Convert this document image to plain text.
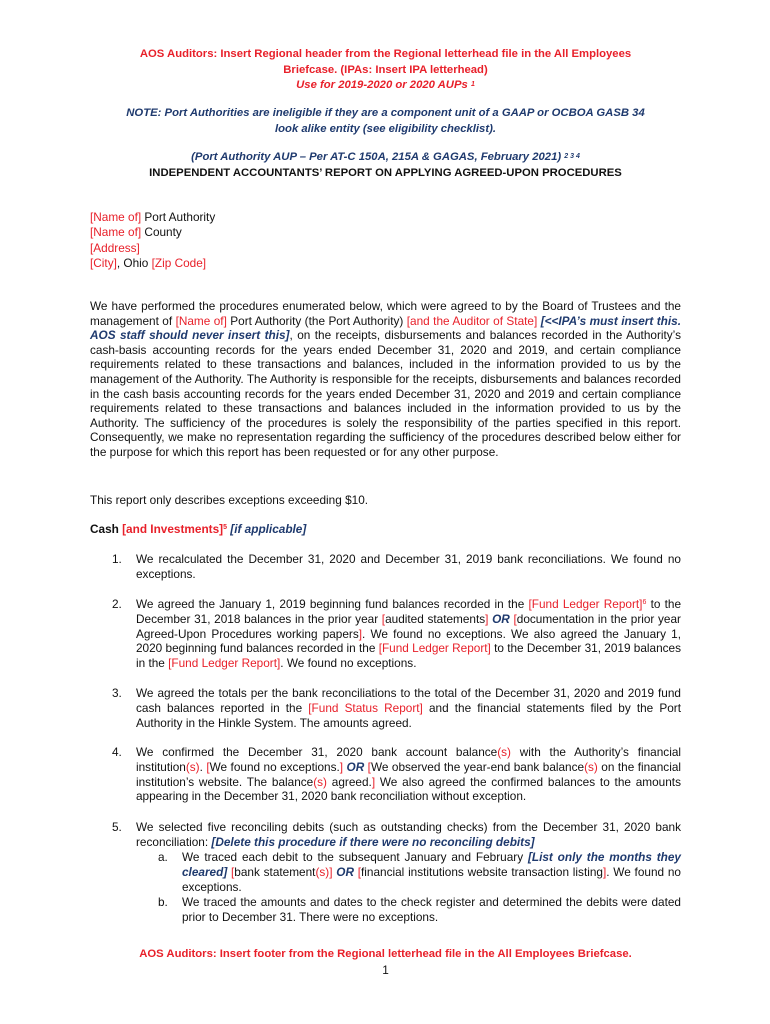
AOS Auditors: Insert Regional header from the Regional letterhead file in the All Employees
Briefcase. (IPAs: Insert IPA letterhead)
Use for 2019-2020 or 2020 AUPs $^1$
NOTE: Port Authorities are ineligible if they are a component unit of a GAAP or OCBOA GASB 34
look alike entity (see eligibility checklist).
(Port Authority AUP – Per AT-C 150A, 215A & GAGAS, February 2021) $^{2 3 4}$
INDEPENDENT ACCOUNTANTS’ REPORT ON APPLYING AGREED-UPON PROCEDURES
[Name of] Port Authority
[Name of] County
[Address]
[City], Ohio [Zip Code]
We have performed the procedures enumerated below, which were agreed to by the Board of Trustees and the management of [Name of] Port Authority (the Port Authority) [and the Auditor of State] [<<IPA’s must insert this. AOS staff should never insert this], on the receipts, disbursements and balances recorded in the Authority’s cash-basis accounting records for the years ended December 31, 2020 and 2019, and certain compliance requirements related to these transactions and balances, included in the information provided to us by the management of the Authority. The Authority is responsible for the receipts, disbursements and balances recorded in the cash basis accounting records for the years ended December 31, 2020 and 2019 and certain compliance requirements related to these transactions and balances included in the information provided to us by the Authority. The sufficiency of the procedures is solely the responsibility of the parties specified in this report. Consequently, we make no representation regarding the sufficiency of the procedures described below either for the purpose for which this report has been requested or for any other purpose.
This report only describes exceptions exceeding $10.
Cash [and Investments]$^5$ [if applicable]
1. We recalculated the December 31, 2020 and December 31, 2019 bank reconciliations. We found no exceptions.
2. We agreed the January 1, 2019 beginning fund balances recorded in the [Fund Ledger Report]$^6$ to the December 31, 2018 balances in the prior year [audited statements] OR [documentation in the prior year Agreed-Upon Procedures working papers]. We found no exceptions. We also agreed the January 1, 2020 beginning fund balances recorded in the [Fund Ledger Report] to the December 31, 2019 balances in the [Fund Ledger Report]. We found no exceptions.
3. We agreed the totals per the bank reconciliations to the total of the December 31, 2020 and 2019 fund cash balances reported in the [Fund Status Report] and the financial statements filed by the Port Authority in the Hinkle System. The amounts agreed.
4. We confirmed the December 31, 2020 bank account balance(s) with the Authority’s financial institution(s). [We found no exceptions.] OR [We observed the year-end bank balance(s) on the financial institution’s website. The balance(s) agreed.] We also agreed the confirmed balances to the amounts appearing in the December 31, 2020 bank reconciliation without exception.
5. We selected five reconciling debits (such as outstanding checks) from the December 31, 2020 bank reconciliation: [Delete this procedure if there were no reconciling debits]
a. We traced each debit to the subsequent January and February [List only the months they cleared] [bank statement(s)] OR [financial institutions website transaction listing]. We found no exceptions.
b. We traced the amounts and dates to the check register and determined the debits were dated prior to December 31. There were no exceptions.
AOS Auditors: Insert footer from the Regional letterhead file in the All Employees Briefcase.
1
